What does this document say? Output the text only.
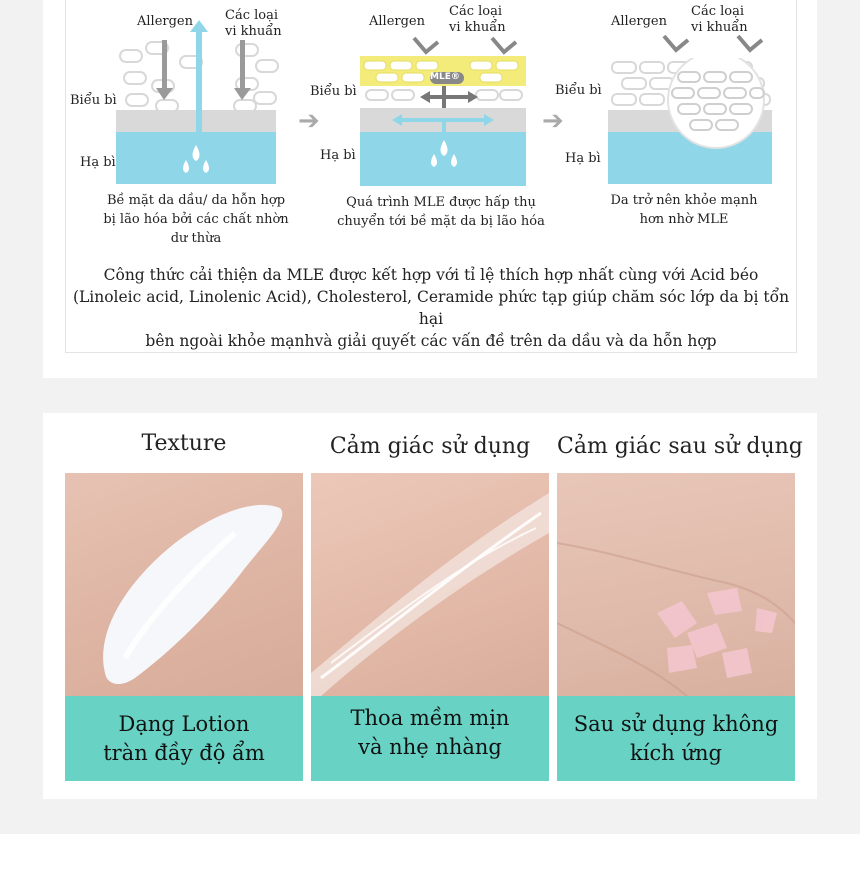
Allergen Các loại
vi khuẩn
Biểu bì
Hạ bì
Bề mặt da dầu/ da hỗn hợp
bị lão hóa bởi các chất nhờn
dư thừa
➔
MLE®
Allergen
Các loại
vi khuẩn
Biểu bì
Hạ bì
Quá trình MLE được hấp thụ
chuyển tới bề mặt da bị lão hóa
➔
Allergen
Các loại
vi khuẩn
Biểu bì
Hạ bì
Da trở nên khỏe mạnh
hơn nhờ MLE
Công thức cải thiện da MLE được kết hợp với tỉ lệ thích hợp nhất cùng với Acid béo
(Linoleic acid, Linolenic Acid), Cholesterol, Ceramide phức tạp giúp chăm sóc lớp da bị tổn hại
bên ngoài khỏe mạnhvà giải quyết các vấn đề trên da dầu và da hỗn hợp
Texture
Dạng Lotion
tràn đầy độ ẩm
Cảm giác sử dụng
Thoa mềm mịn
và nhẹ nhàng
Cảm giác sau sử dụng
Sau sử dụng không
kích ứng
